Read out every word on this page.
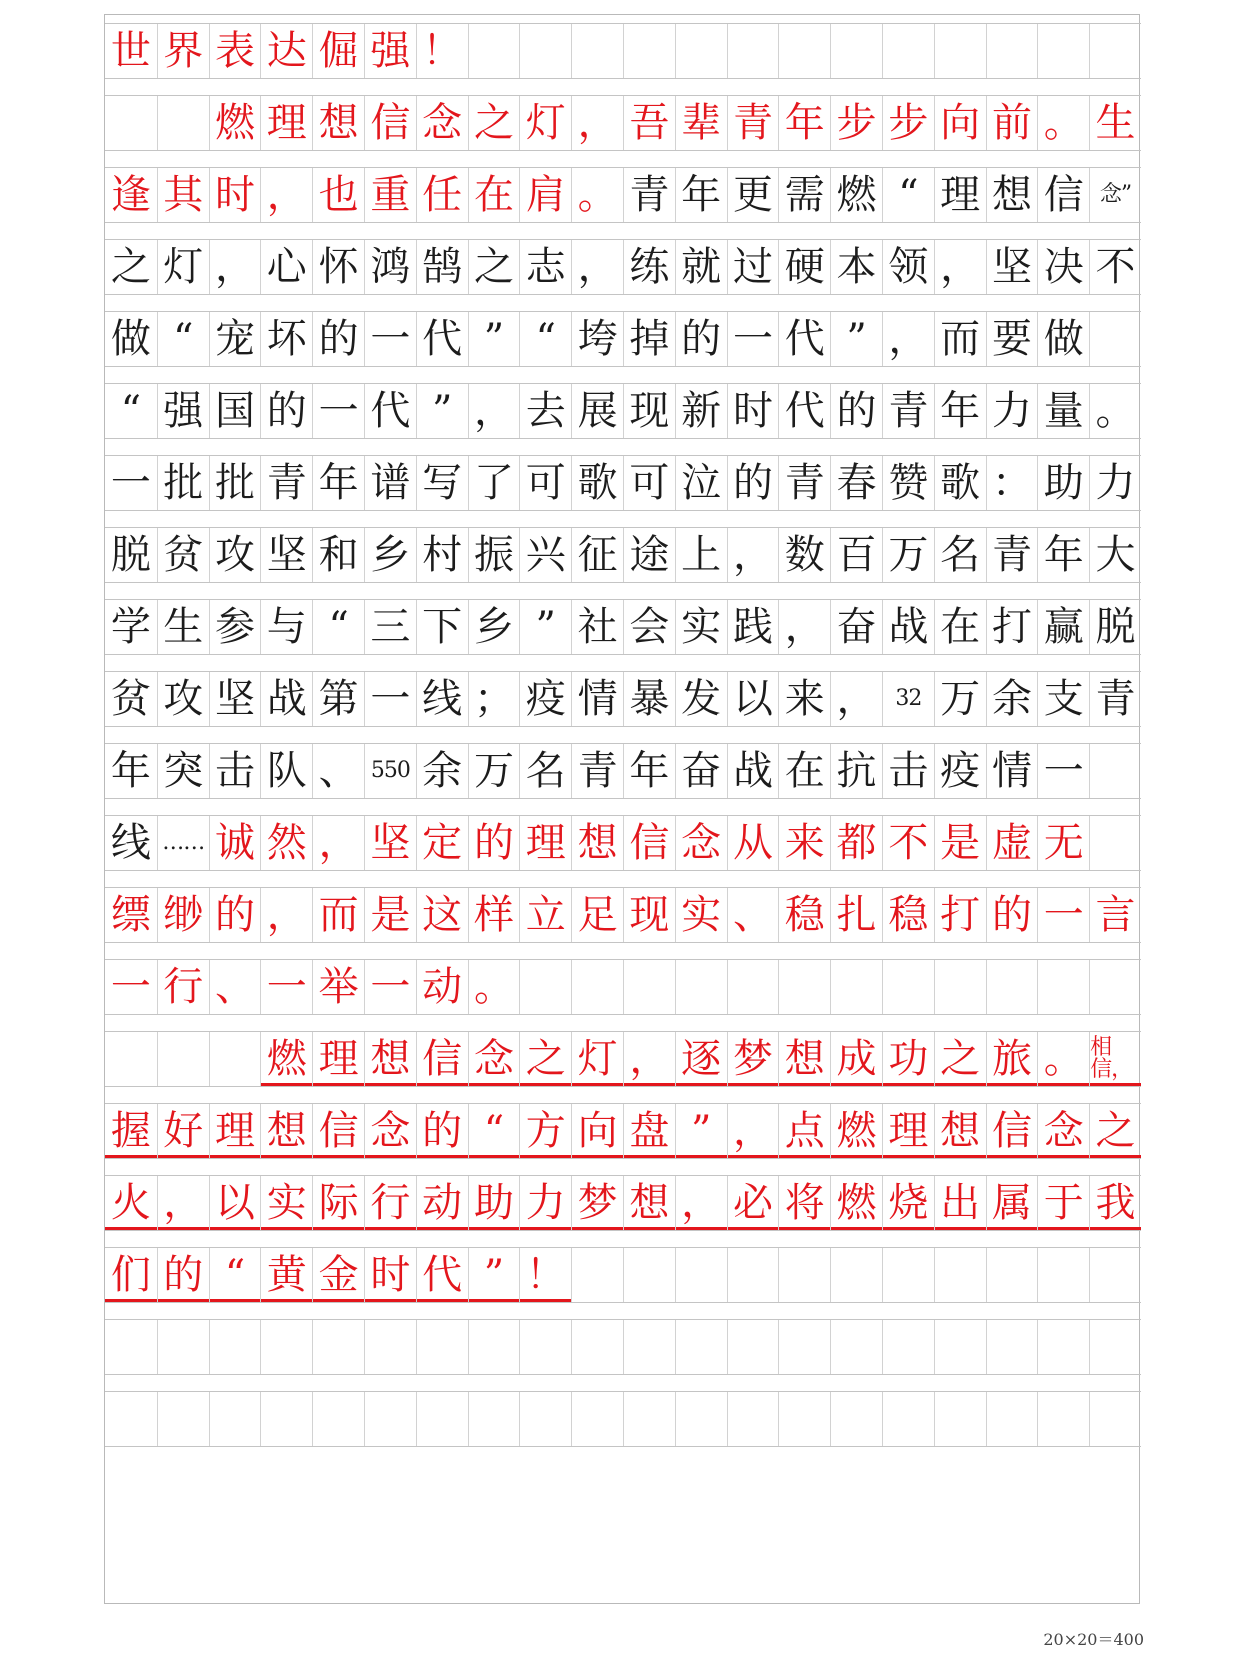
世 界 表 达 倔 强 ！
燃 理 想 信 念 之 灯 ， 吾 辈 青 年 步 步 向 前 。 生
逢 其 时 ， 也 重 任 在 肩 。 青 年 更 需 燃 “ 理 想 信 念”
之 灯 ， 心 怀 鸿 鹄 之 志 ， 练 就 过 硬 本 领 ， 坚 决 不
做 “ 宠 坏 的 一 代 ” “ 垮 掉 的 一 代 ” ， 而 要 做
“ 强 国 的 一 代 ” ， 去 展 现 新 时 代 的 青 年 力 量 。
一 批 批 青 年 谱 写 了 可 歌 可 泣 的 青 春 赞 歌 ： 助 力
脱 贫 攻 坚 和 乡 村 振 兴 征 途 上 ， 数 百 万 名 青 年 大
学 生 参 与 “ 三 下 乡 ” 社 会 实 践 ， 奋 战 在 打 赢 脱
贫 攻 坚 战 第 一 线 ； 疫 情 暴 发 以 来 ， 32 万 余 支 青
年 突 击 队 、 550 余 万 名 青 年 奋 战 在 抗 击 疫 情 一
线 …… 诚 然 ， 坚 定 的 理 想 信 念 从 来 都 不 是 虚 无
缥 缈 的 ， 而 是 这 样 立 足 现 实 、 稳 扎 稳 打 的 一 言
一 行 、 一 举 一 动 。
燃 理 想 信 念 之 灯 ， 逐 梦 想 成 功 之 旅 。 相信，
握 好 理 想 信 念 的 “ 方 向 盘 ” ， 点 燃 理 想 信 念 之
火 ， 以 实 际 行 动 助 力 梦 想 ， 必 将 燃 烧 出 属 于 我
们 的 “ 黄 金 时 代 ” ！
20×20＝400
